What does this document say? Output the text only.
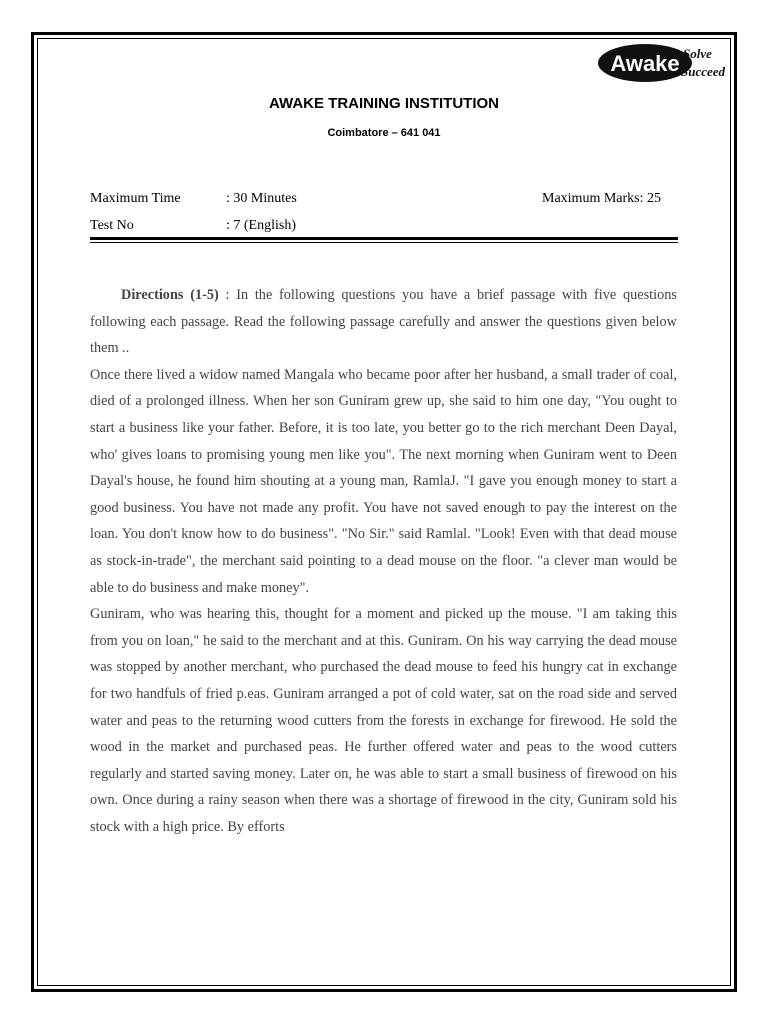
Awake Solve
Succeed
AWAKE TRAINING INSTITUTION
Coimbatore – 641 041
Maximum Time	: 30 Minutes	Maximum Marks: 25
Test No	: 7 (English)

Directions (1-5) : In the following questions you have a brief passage with five questions following each passage. Read the following passage carefully and answer the questions given below them ..

Once there lived a widow named Mangala who became poor after her husband, a small trader of coal, died of a prolonged illness. When her son Guniram grew up, she said to him one day, "You ought to start a business like your father. Before, it is too late, you better go to the rich merchant Deen Dayal, who' gives loans to promising young men like you". The next morning when Guniram went to Deen Dayal's house, he found him shouting at a young man, RamlaJ. "I gave you enough money to start a good business. You have not made any profit. You have not saved enough to pay the interest on the loan. You don't know how to do business". "No Sir." said Ramlal. "Look! Even with that dead mouse as stock-in-trade", the merchant said pointing to a dead mouse on the floor. "a clever man would be able to do business and make money".

Guniram, who was hearing this, thought for a moment and picked up the mouse. "I am taking this from you on loan," he said to the merchant and at this. Guniram. On his way carrying the dead mouse was stopped by another merchant, who purchased the dead mouse to feed his hungry cat in exchange for two handfuls of fried p.eas. Guniram arranged a pot of cold water, sat on the road side and served water and peas to the returning wood cutters from the forests in exchange for firewood. He sold the wood in the market and purchased peas. He further offered water and peas to the wood cutters regularly and started saving money. Later on, he was able to start a small business of firewood on his own. Once during a rainy season when there was a shortage of firewood in the city, Guniram sold his stock with a high price. By efforts
